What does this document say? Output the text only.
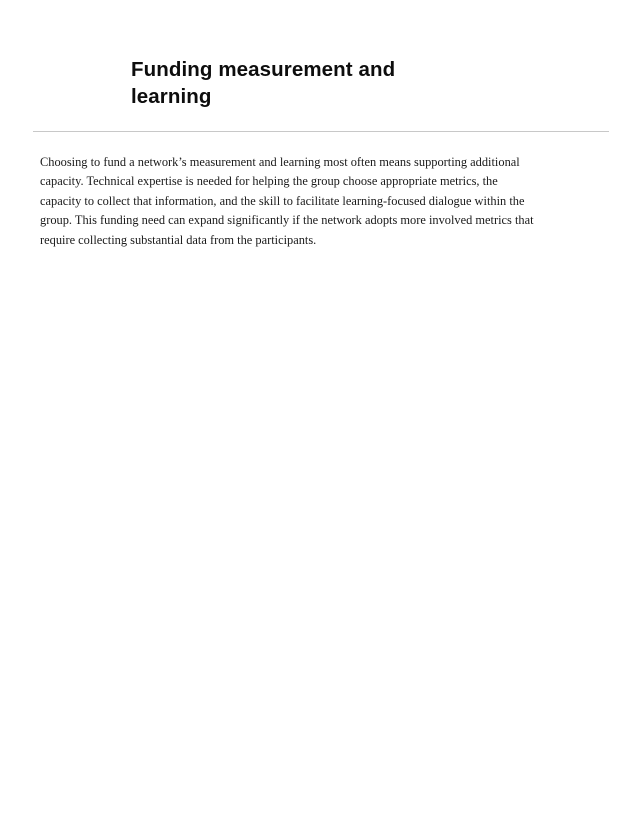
Funding measurement and
learning

Choosing to fund a network’s measurement and learning most often means supporting additional
capacity. Technical expertise is needed for helping the group choose appropriate metrics, the
capacity to collect that information, and the skill to facilitate learning-focused dialogue within the
group. This funding need can expand significantly if the network adopts more involved metrics that
require collecting substantial data from the participants.
